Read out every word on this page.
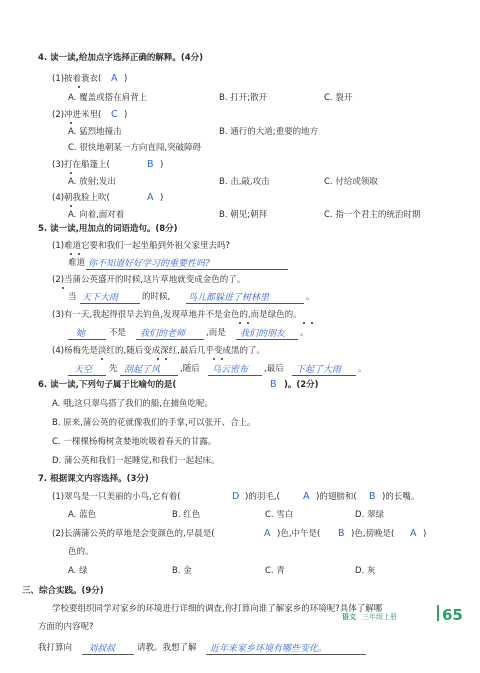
4. 读一读,给加点字选择正确的解释。(4分)
(1)披着蓑衣( A )
A. 覆盖或搭在肩背上	B. 打开;散开	C. 裂开
(2)冲进米里( C )
A. 猛烈地撞击	B. 通行的大道;重要的地方
C. 很快地朝某一方向直闯,突破障碍
(3)打在船篷上(	B )
A. 放射;发出	B. 击,敲,攻击	C. 付给或领取
(4)朝我脸上吹(	A )
A. 向着,面对着	B. 朝见;朝拜	C. 指一个君主的统治时期
5. 读一读,用加点的词语造句。(8分)
(1)难道它要和我们一起坐船到外祖父家里去吗?
难道 你不知道好好学习的重要性吗?
(2)当蒲公英盛开的时候,这片草地就变成金色的了。
当 天下大雨	的时候, 鸟儿都躲进了树林里	。
(3)有一天,我起得很早去钓鱼,发现草地并不是金色的,而是绿色的。
她	不是 我们的老师 ,而是 我们的朋友 。
(4)杨梅先是淡红的,随后变成深红,最后几乎变成黑的了。
天空 先 刮起了风 ,随后 乌云密布 ,最后 下起了大雨 。
6. 读一读,下列句子属于比喻句的是(	B )。(2分)
A. 哦,这只翠鸟搭了我们的船,在捕鱼吃呢。
B. 原来,蒲公英的花就像我们的手掌,可以张开、合上。
C. 一棵棵杨梅树贪婪地吮吸着春天的甘露。
D. 蒲公英和我们一起睡觉,和我们一起起床。
7. 根据课文内容选择。(3分)
(1)翠鸟是一只美丽的小鸟,它有着(	D )的羽毛,( A )的翅膀和( B )的长嘴。
A. 蓝色	B. 红色	C. 雪白	D. 翠绿
(2)长满蒲公英的草地是会变颜色的,早晨是(	A )色,中午是( B )色,傍晚是( A )
色的。
A. 绿	B. 金	C. 青	D. 灰
三、综合实践。(9分)
学校要组织同学对家乡的环境进行详细的调查,你打算向谁了解家乡的环境呢?具体了解哪
方面的内容呢?
我打算向 刘叔叔	请教。我想了解 近年来家乡环境有哪些变化。
语文 三年级上册	65
